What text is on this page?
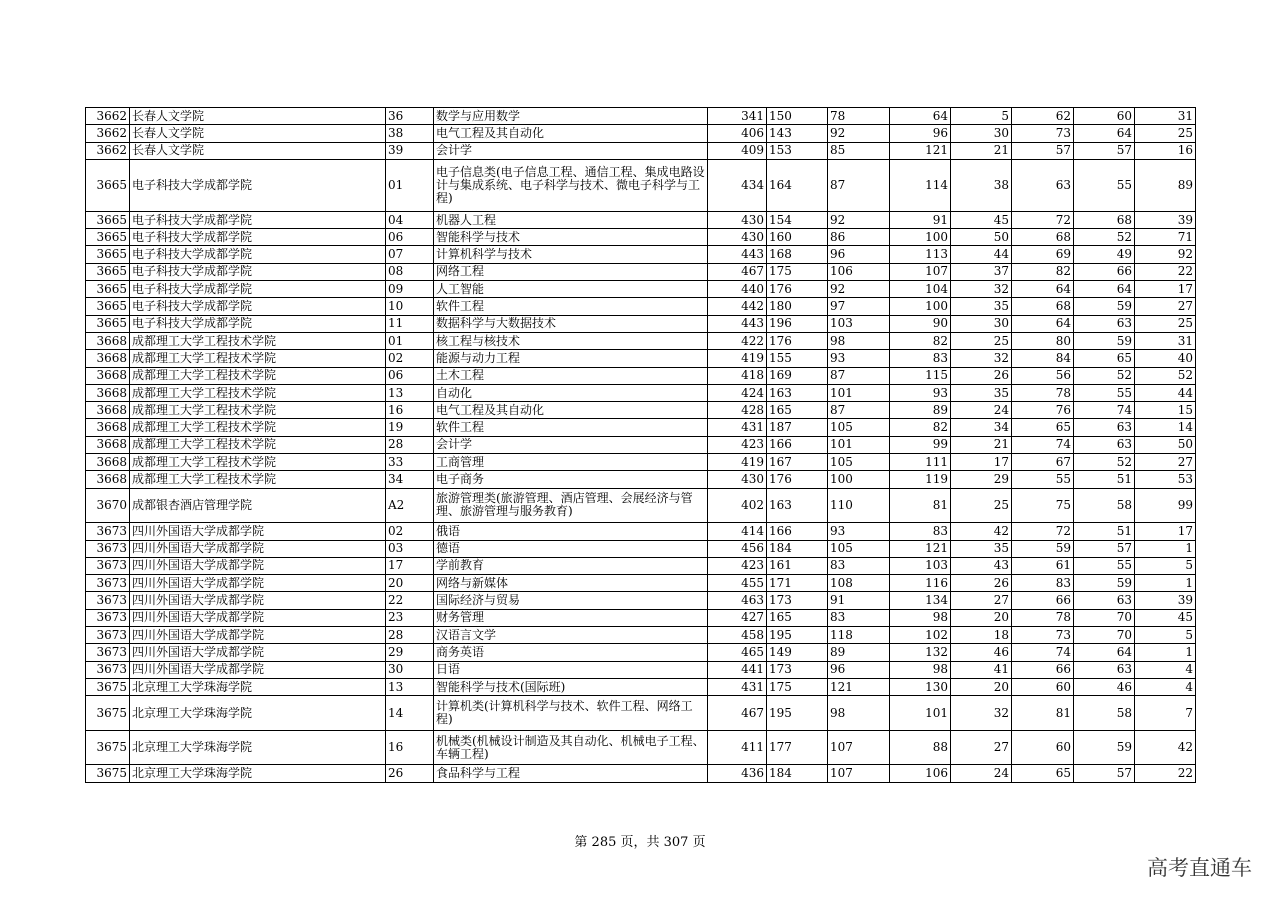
3662	长春人文学院	36	数学与应用数学	341	150	78	64	5	62	60	31
3662	长春人文学院	38	电气工程及其自动化	406	143	92	96	30	73	64	25
3662	长春人文学院	39	会计学	409	153	85	121	21	57	57	16
3665	电子科技大学成都学院	01	电子信息类(电子信息工程、通信工程、集成电路设计与集成系统、电子科学与技术、微电子科学与工程)	434	164	87	114	38	63	55	89
3665	电子科技大学成都学院	04	机器人工程	430	154	92	91	45	72	68	39
3665	电子科技大学成都学院	06	智能科学与技术	430	160	86	100	50	68	52	71
3665	电子科技大学成都学院	07	计算机科学与技术	443	168	96	113	44	69	49	92
3665	电子科技大学成都学院	08	网络工程	467	175	106	107	37	82	66	22
3665	电子科技大学成都学院	09	人工智能	440	176	92	104	32	64	64	17
3665	电子科技大学成都学院	10	软件工程	442	180	97	100	35	68	59	27
3665	电子科技大学成都学院	11	数据科学与大数据技术	443	196	103	90	30	64	63	25
3668	成都理工大学工程技术学院	01	核工程与核技术	422	176	98	82	25	80	59	31
3668	成都理工大学工程技术学院	02	能源与动力工程	419	155	93	83	32	84	65	40
3668	成都理工大学工程技术学院	06	土木工程	418	169	87	115	26	56	52	52
3668	成都理工大学工程技术学院	13	自动化	424	163	101	93	35	78	55	44
3668	成都理工大学工程技术学院	16	电气工程及其自动化	428	165	87	89	24	76	74	15
3668	成都理工大学工程技术学院	19	软件工程	431	187	105	82	34	65	63	14
3668	成都理工大学工程技术学院	28	会计学	423	166	101	99	21	74	63	50
3668	成都理工大学工程技术学院	33	工商管理	419	167	105	111	17	67	52	27
3668	成都理工大学工程技术学院	34	电子商务	430	176	100	119	29	55	51	53
3670	成都银杏酒店管理学院	A2	旅游管理类(旅游管理、酒店管理、会展经济与管理、旅游管理与服务教育)	402	163	110	81	25	75	58	99
3673	四川外国语大学成都学院	02	俄语	414	166	93	83	42	72	51	17
3673	四川外国语大学成都学院	03	德语	456	184	105	121	35	59	57	1
3673	四川外国语大学成都学院	17	学前教育	423	161	83	103	43	61	55	5
3673	四川外国语大学成都学院	20	网络与新媒体	455	171	108	116	26	83	59	1
3673	四川外国语大学成都学院	22	国际经济与贸易	463	173	91	134	27	66	63	39
3673	四川外国语大学成都学院	23	财务管理	427	165	83	98	20	78	70	45
3673	四川外国语大学成都学院	28	汉语言文学	458	195	118	102	18	73	70	5
3673	四川外国语大学成都学院	29	商务英语	465	149	89	132	46	74	64	1
3673	四川外国语大学成都学院	30	日语	441	173	96	98	41	66	63	4
3675	北京理工大学珠海学院	13	智能科学与技术(国际班)	431	175	121	130	20	60	46	4
3675	北京理工大学珠海学院	14	计算机类(计算机科学与技术、软件工程、网络工程)	467	195	98	101	32	81	58	7
3675	北京理工大学珠海学院	16	机械类(机械设计制造及其自动化、机械电子工程、车辆工程)	411	177	107	88	27	60	59	42
3675	北京理工大学珠海学院	26	食品科学与工程	436	184	107	106	24	65	57	22
第 285 页，共 307 页
高考直通车
